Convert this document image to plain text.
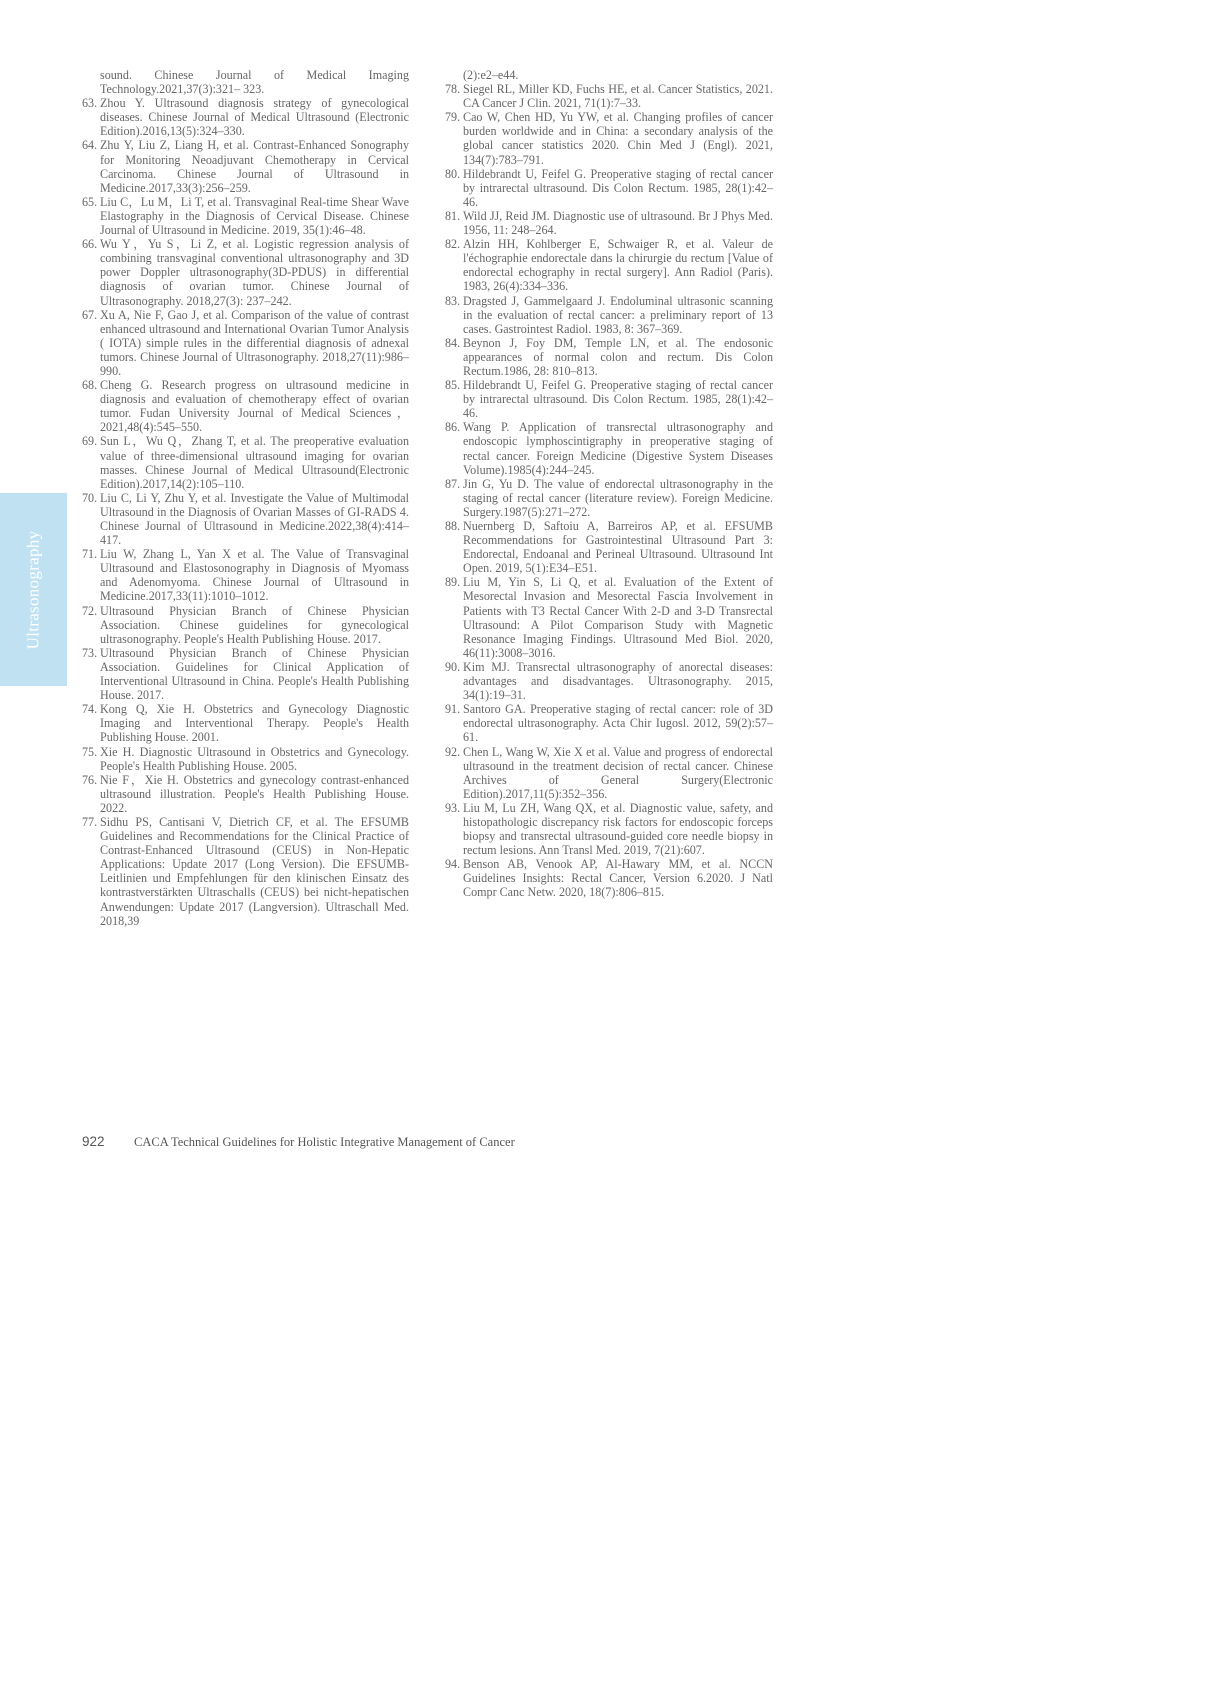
Ultrasonography
sound. Chinese Journal of Medical Imaging Technology.2021,37(3):321– 323.
63. Zhou Y. Ultrasound diagnosis strategy of gynecological diseases. Chinese Journal of Medical Ultrasound (Electronic Edition).2016,13(5):324–330.
64. Zhu Y, Liu Z, Liang H, et al. Contrast-Enhanced Sonography for Monitoring Neoadjuvant Chemotherapy in Cervical Carcinoma. Chinese Journal of Ultrasound in Medicine.2017,33(3):256–259.
65. Liu C，Lu M，Li T, et al. Transvaginal Real-time Shear Wave Elastography in the Diagnosis of Cervical Disease. Chinese Journal of Ultrasound in Medicine. 2019, 35(1):46–48.
66. Wu Y，Yu S，Li Z, et al. Logistic regression analysis of combining transvaginal conventional ultrasonography and 3D power Doppler ultrasonography(3D-PDUS) in differential diagnosis of ovarian tumor. Chinese Journal of Ultrasonography. 2018,27(3): 237–242.
67. Xu A, Nie F, Gao J, et al. Comparison of the value of contrast enhanced ultrasound and International Ovarian Tumor Analysis ( IOTA) simple rules in the differential diagnosis of adnexal tumors. Chinese Journal of Ultrasonography. 2018,27(11):986–990.
68. Cheng G. Research progress on ultrasound medicine in diagnosis and evaluation of chemotherapy effect of ovarian tumor. Fudan University Journal of Medical Sciences，2021,48(4):545–550.
69. Sun L，Wu Q，Zhang T, et al. The preoperative evaluation value of three-dimensional ultrasound imaging for ovarian masses. Chinese Journal of Medical Ultrasound(Electronic Edition).2017,14(2):105–110.
70. Liu C, Li Y, Zhu Y, et al. Investigate the Value of Multimodal Ultrasound in the Diagnosis of Ovarian Masses of GI-RADS 4. Chinese Journal of Ultrasound in Medicine.2022,38(4):414–417.
71. Liu W, Zhang L, Yan X et al. The Value of Transvaginal Ultrasound and Elastosonography in Diagnosis of Myomass and Adenomyoma. Chinese Journal of Ultrasound in Medicine.2017,33(11):1010–1012.
72. Ultrasound Physician Branch of Chinese Physician Association. Chinese guidelines for gynecological ultrasonography. People's Health Publishing House. 2017.
73. Ultrasound Physician Branch of Chinese Physician Association. Guidelines for Clinical Application of Interventional Ultrasound in China. People's Health Publishing House. 2017.
74. Kong Q, Xie H. Obstetrics and Gynecology Diagnostic Imaging and Interventional Therapy. People's Health Publishing House. 2001.
75. Xie H. Diagnostic Ultrasound in Obstetrics and Gynecology. People's Health Publishing House. 2005.
76. Nie F，Xie H. Obstetrics and gynecology contrast-enhanced ultrasound illustration. People's Health Publishing House. 2022.
77. Sidhu PS, Cantisani V, Dietrich CF, et al. The EFSUMB Guidelines and Recommendations for the Clinical Practice of Contrast-Enhanced Ultrasound (CEUS) in Non-Hepatic Applications: Update 2017 (Long Version). Die EFSUMB-Leitlinien und Empfehlungen für den klinischen Einsatz des kontrastverstärkten Ultraschalls (CEUS) bei nicht-hepatischen Anwendungen: Update 2017 (Langversion). Ultraschall Med. 2018,39
(2):e2–e44.
78. Siegel RL, Miller KD, Fuchs HE, et al. Cancer Statistics, 2021. CA Cancer J Clin. 2021, 71(1):7–33.
79. Cao W, Chen HD, Yu YW, et al. Changing profiles of cancer burden worldwide and in China: a secondary analysis of the global cancer statistics 2020. Chin Med J (Engl). 2021, 134(7):783–791.
80. Hildebrandt U, Feifel G. Preoperative staging of rectal cancer by intrarectal ultrasound. Dis Colon Rectum. 1985, 28(1):42–46.
81. Wild JJ, Reid JM. Diagnostic use of ultrasound. Br J Phys Med. 1956, 11: 248–264.
82. Alzin HH, Kohlberger E, Schwaiger R, et al. Valeur de l'échographie endorectale dans la chirurgie du rectum [Value of endorectal echography in rectal surgery]. Ann Radiol (Paris). 1983, 26(4):334–336.
83. Dragsted J, Gammelgaard J. Endoluminal ultrasonic scanning in the evaluation of rectal cancer: a preliminary report of 13 cases. Gastrointest Radiol. 1983, 8: 367–369.
84. Beynon J, Foy DM, Temple LN, et al. The endosonic appearances of normal colon and rectum. Dis Colon Rectum.1986, 28: 810–813.
85. Hildebrandt U, Feifel G. Preoperative staging of rectal cancer by intrarectal ultrasound. Dis Colon Rectum. 1985, 28(1):42–46.
86. Wang P. Application of transrectal ultrasonography and endoscopic lymphoscintigraphy in preoperative staging of rectal cancer. Foreign Medicine (Digestive System Diseases Volume).1985(4):244–245.
87. Jin G, Yu D. The value of endorectal ultrasonography in the staging of rectal cancer (literature review). Foreign Medicine. Surgery.1987(5):271–272.
88. Nuernberg D, Saftoiu A, Barreiros AP, et al. EFSUMB Recommendations for Gastrointestinal Ultrasound Part 3: Endorectal, Endoanal and Perineal Ultrasound. Ultrasound Int Open. 2019, 5(1):E34–E51.
89. Liu M, Yin S, Li Q, et al. Evaluation of the Extent of Mesorectal Invasion and Mesorectal Fascia Involvement in Patients with T3 Rectal Cancer With 2-D and 3-D Transrectal Ultrasound: A Pilot Comparison Study with Magnetic Resonance Imaging Findings. Ultrasound Med Biol. 2020, 46(11):3008–3016.
90. Kim MJ. Transrectal ultrasonography of anorectal diseases: advantages and disadvantages. Ultrasonography. 2015, 34(1):19–31.
91. Santoro GA. Preoperative staging of rectal cancer: role of 3D endorectal ultrasonography. Acta Chir Iugosl. 2012, 59(2):57–61.
92. Chen L, Wang W, Xie X et al. Value and progress of endorectal ultrasound in the treatment decision of rectal cancer. Chinese Archives of General Surgery(Electronic Edition).2017,11(5):352–356.
93. Liu M, Lu ZH, Wang QX, et al. Diagnostic value, safety, and histopathologic discrepancy risk factors for endoscopic forceps biopsy and transrectal ultrasound-guided core needle biopsy in rectum lesions. Ann Transl Med. 2019, 7(21):607.
94. Benson AB, Venook AP, Al-Hawary MM, et al. NCCN Guidelines Insights: Rectal Cancer, Version 6.2020. J Natl Compr Canc Netw. 2020, 18(7):806–815.
922	CACA Technical Guidelines for Holistic Integrative Management of Cancer
